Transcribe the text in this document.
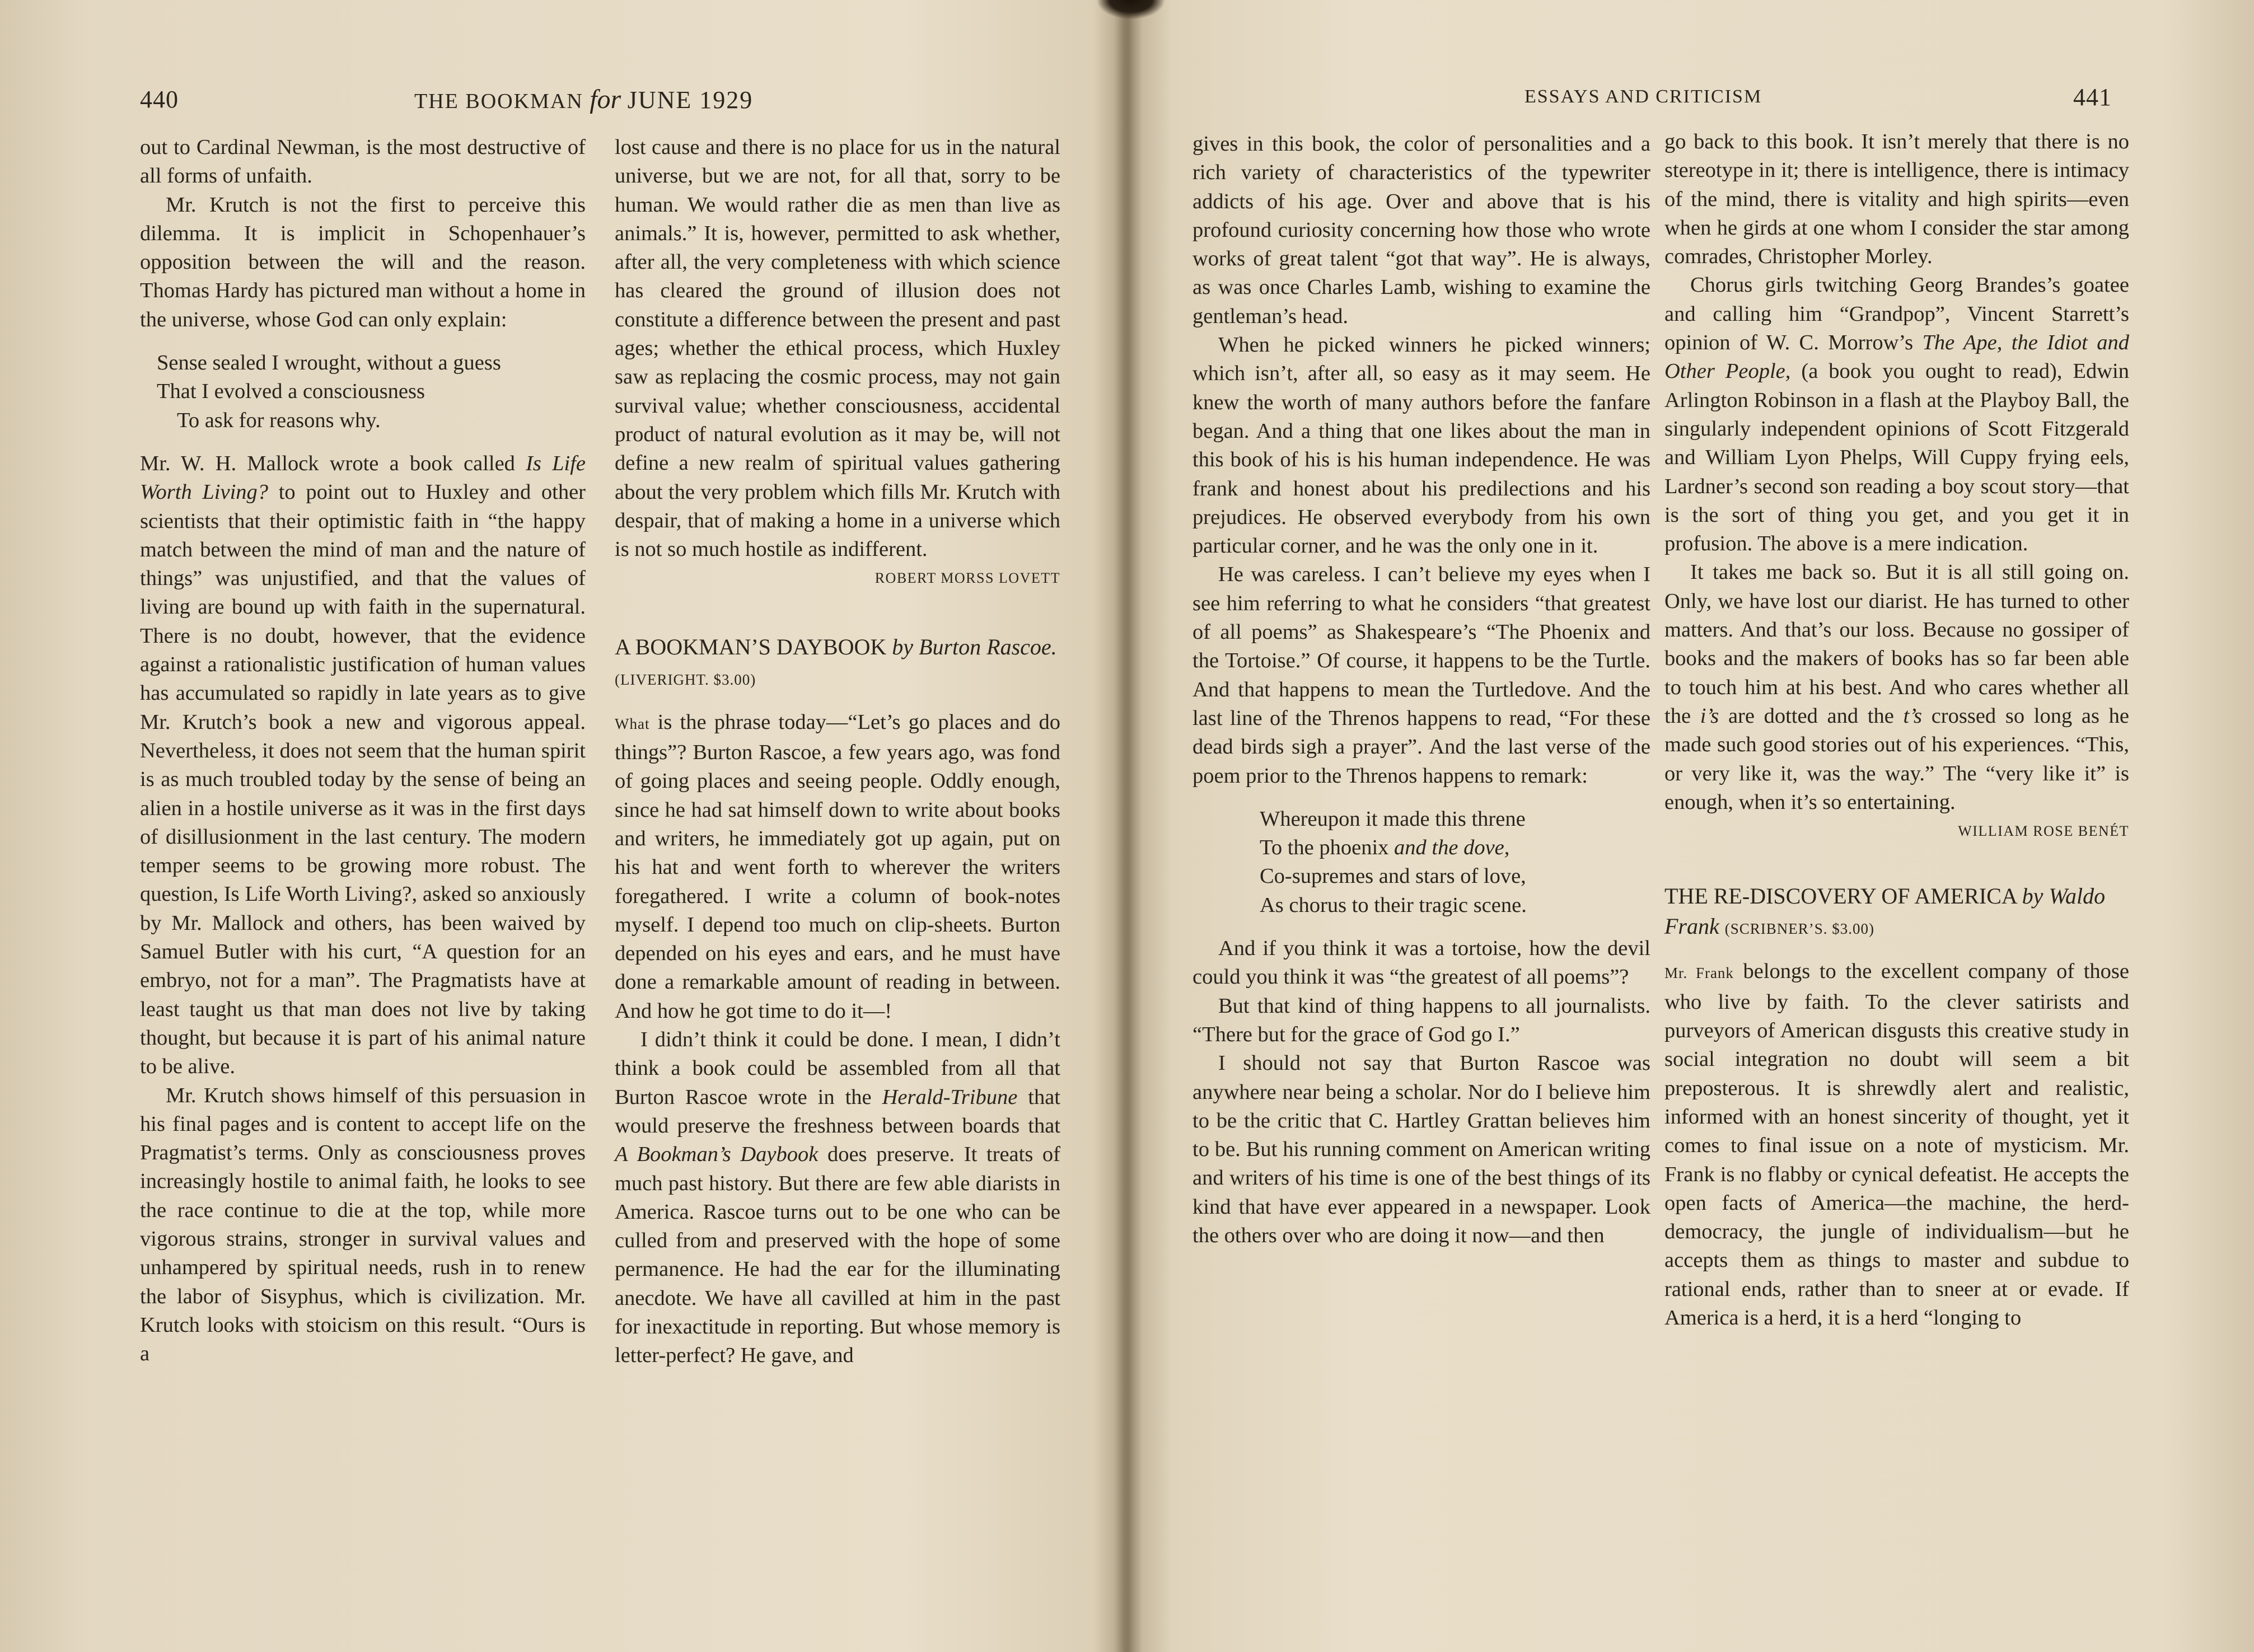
440	THE BOOKMAN for JUNE 1929

out to Cardinal Newman, is the most destructive of all forms of unfaith.

Mr. Krutch is not the first to perceive this dilemma. It is implicit in Schopenhauer’s opposition between the will and the reason. Thomas Hardy has pictured man without a home in the universe, whose God can only explain:

Sense sealed I wrought, without a guess
That I evolved a consciousness
To ask for reasons why.

Mr. W. H. Mallock wrote a book called Is Life Worth Living? to point out to Huxley and other scientists that their optimistic faith in “the happy match between the mind of man and the nature of things” was unjustified, and that the values of living are bound up with faith in the supernatural. There is no doubt, however, that the evidence against a rationalistic justification of human values has accumulated so rapidly in late years as to give Mr. Krutch’s book a new and vigorous appeal. Nevertheless, it does not seem that the human spirit is as much troubled today by the sense of being an alien in a hostile universe as it was in the first days of disillusionment in the last century. The modern temper seems to be growing more robust. The question, Is Life Worth Living?, asked so anxiously by Mr. Mallock and others, has been waived by Samuel Butler with his curt, “A question for an embryo, not for a man”. The Pragmatists have at least taught us that man does not live by taking thought, but because it is part of his animal nature to be alive.

Mr. Krutch shows himself of this persuasion in his final pages and is content to accept life on the Pragmatist’s terms. Only as consciousness proves increasingly hostile to animal faith, he looks to see the race continue to die at the top, while more vigorous strains, stronger in survival values and unhampered by spiritual needs, rush in to renew the labor of Sisyphus, which is civilization. Mr. Krutch looks with stoicism on this result. “Ours is a

lost cause and there is no place for us in the natural universe, but we are not, for all that, sorry to be human. We would rather die as men than live as animals.” It is, however, permitted to ask whether, after all, the very completeness with which science has cleared the ground of illusion does not constitute a difference between the present and past ages; whether the ethical process, which Huxley saw as replacing the cosmic process, may not gain survival value; whether consciousness, accidental product of natural evolution as it may be, will not define a new realm of spiritual values gathering about the very problem which fills Mr. Krutch with despair, that of making a home in a universe which is not so much hostile as indifferent.

ROBERT MORSS LOVETT

A BOOKMAN’S DAYBOOK by Burton Rascoe. (LIVERIGHT. $3.00)

What is the phrase today—“Let’s go places and do things”? Burton Rascoe, a few years ago, was fond of going places and seeing people. Oddly enough, since he had sat himself down to write about books and writers, he immediately got up again, put on his hat and went forth to wherever the writers foregathered. I write a column of book-notes myself. I depend too much on clip-sheets. Burton depended on his eyes and ears, and he must have done a remarkable amount of reading in between. And how he got time to do it—!

I didn’t think it could be done. I mean, I didn’t think a book could be assembled from all that Burton Rascoe wrote in the Herald-Tribune that would preserve the freshness between boards that A Bookman’s Daybook does preserve. It treats of much past history. But there are few able diarists in America. Rascoe turns out to be one who can be culled from and preserved with the hope of some permanence. He had the ear for the illuminating anecdote. We have all cavilled at him in the past for inexactitude in reporting. But whose memory is letter-perfect? He gave, and

ESSAYS AND CRITICISM	441

gives in this book, the color of personalities and a rich variety of characteristics of the typewriter addicts of his age. Over and above that is his profound curiosity concerning how those who wrote works of great talent “got that way”. He is always, as was once Charles Lamb, wishing to examine the gentleman’s head.

When he picked winners he picked winners; which isn’t, after all, so easy as it may seem. He knew the worth of many authors before the fanfare began. And a thing that one likes about the man in this book of his is his human independence. He was frank and honest about his predilections and his prejudices. He observed everybody from his own particular corner, and he was the only one in it.

He was careless. I can’t believe my eyes when I see him referring to what he considers “that greatest of all poems” as Shakespeare’s “The Phoenix and the Tortoise.” Of course, it happens to be the Turtle. And that happens to mean the Turtledove. And the last line of the Threnos happens to read, “For these dead birds sigh a prayer”. And the last verse of the poem prior to the Threnos happens to remark:

Whereupon it made this threne
To the phoenix and the dove,
Co-supremes and stars of love,
As chorus to their tragic scene.

And if you think it was a tortoise, how the devil could you think it was “the greatest of all poems”?

But that kind of thing happens to all journalists. “There but for the grace of God go I.”

I should not say that Burton Rascoe was anywhere near being a scholar. Nor do I believe him to be the critic that C. Hartley Grattan believes him to be. But his running comment on American writing and writers of his time is one of the best things of its kind that have ever appeared in a newspaper. Look the others over who are doing it now—and then

go back to this book. It isn’t merely that there is no stereotype in it; there is intelligence, there is intimacy of the mind, there is vitality and high spirits—even when he girds at one whom I consider the star among comrades, Christopher Morley.

Chorus girls twitching Georg Brandes’s goatee and calling him “Grandpop”, Vincent Starrett’s opinion of W. C. Morrow’s The Ape, the Idiot and Other People, (a book you ought to read), Edwin Arlington Robinson in a flash at the Playboy Ball, the singularly independent opinions of Scott Fitzgerald and William Lyon Phelps, Will Cuppy frying eels, Lardner’s second son reading a boy scout story—that is the sort of thing you get, and you get it in profusion. The above is a mere indication.

It takes me back so. But it is all still going on. Only, we have lost our diarist. He has turned to other matters. And that’s our loss. Because no gossiper of books and the makers of books has so far been able to touch him at his best. And who cares whether all the i’s are dotted and the t’s crossed so long as he made such good stories out of his experiences. “This, or very like it, was the way.” The “very like it” is enough, when it’s so entertaining.

WILLIAM ROSE BENÉT

THE RE-DISCOVERY OF AMERICA by Waldo Frank (SCRIBNER’S. $3.00)

Mr. Frank belongs to the excellent company of those who live by faith. To the clever satirists and purveyors of American disgusts this creative study in social integration no doubt will seem a bit preposterous. It is shrewdly alert and realistic, informed with an honest sincerity of thought, yet it comes to final issue on a note of mysticism. Mr. Frank is no flabby or cynical defeatist. He accepts the open facts of America—the machine, the herd-democracy, the jungle of individualism—but he accepts them as things to master and subdue to rational ends, rather than to sneer at or evade. If America is a herd, it is a herd “longing to
